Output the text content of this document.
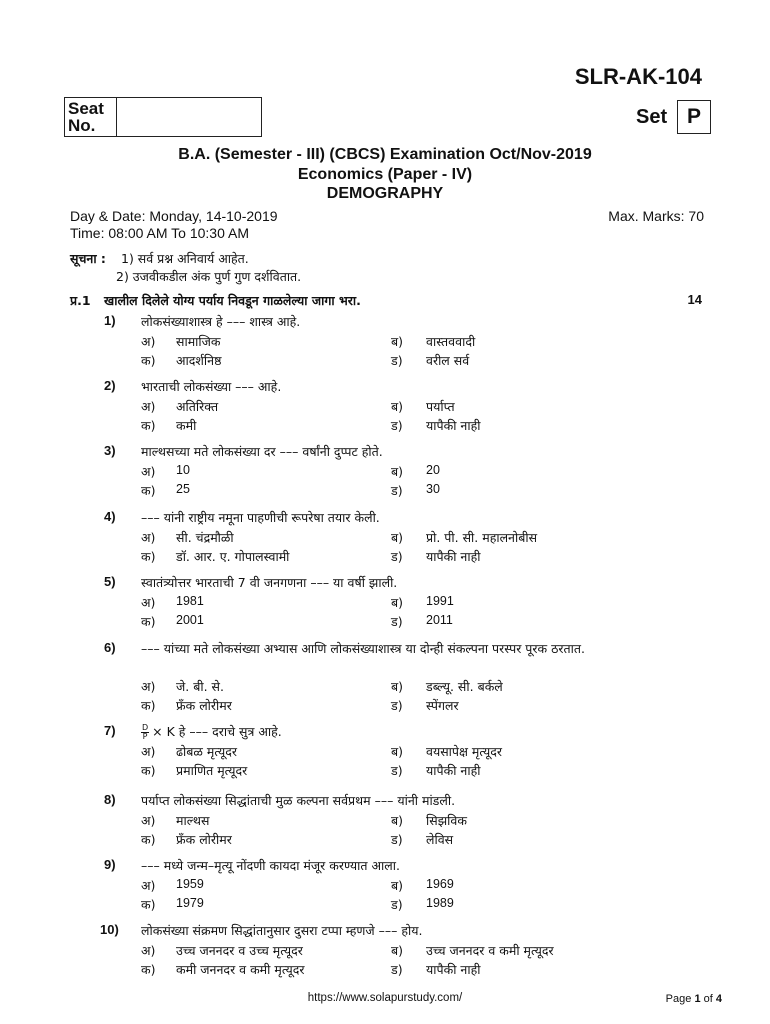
SLR-AK-104
Seat No.	Set P
B.A. (Semester - III) (CBCS) Examination Oct/Nov-2019
Economics (Paper - IV)
DEMOGRAPHY
Day & Date: Monday, 14-10-2019
Time: 08:00 AM To 10:30 AM
Max. Marks: 70
सूचना : 1) सर्व प्रश्न अनिवार्य आहेत.
2) उजवीकडील अंक पुर्ण गुण दर्शवितात.
प्र.1 खालील दिलेले योग्य पर्याय निवडून गाळलेल्या जागा भरा.	14
1) लोकसंख्याशास्त्र हे ––– शास्त्र आहे.
अ) सामाजिक	ब) वास्तववादी
क) आदर्शनिष्ठ	ड) वरील सर्व
2) भारताची लोकसंख्या ––– आहे.
अ) अतिरिक्त	ब) पर्याप्त
क) कमी	ड) यापैकी नाही
3) माल्थसच्या मते लोकसंख्या दर ––– वर्षांनी दुप्पट होते.
अ) 10	ब) 20
क) 25	ड) 30
4) ––– यांनी राष्ट्रीय नमूना पाहणीची रूपरेषा तयार केली.
अ) सी. चंद्रमौळी	ब) प्रो. पी. सी. महालनोबीस
क) डॉ. आर. ए. गोपालस्वामी	ड) यापैकी नाही
5) स्वातंत्र्योत्तर भारताची 7 वी जनगणना ––– या वर्षी झाली.
अ) 1981	ब) 1991
क) 2001	ड) 2011
6) ––– यांच्या मते लोकसंख्या अभ्यास आणि लोकसंख्याशास्त्र या दोन्ही संकल्पना परस्पर पूरक ठरतात.
अ) जे. बी. से.	ब) डब्ल्यू. सी. बर्कले
क) फ्रँक लोरीमर	ड) स्पेंगलर
7)	$\frac{D}{P} \times K$ हे ––– दराचे सुत्र आहे.
अ) ढोबळ मृत्यूदर	ब) वयसापेक्ष मृत्यूदर
क) प्रमाणित मृत्यूदर	ड) यापैकी नाही
8) पर्याप्त लोकसंख्या सिद्धांताची मुळ कल्पना सर्वप्रथम ––– यांनी मांडली.
अ) माल्थस	ब) सिझविक
क) फ्रँक लोरीमर	ड) लेविस
9) ––– मध्ये जन्म–मृत्यू नोंदणी कायदा मंजूर करण्यात आला.
अ) 1959	ब) 1969
क) 1979	ड) 1989
10) लोकसंख्या संक्रमण सिद्धांतानुसार दुसरा टप्पा म्हणजे ––– होय.
अ) उच्च जननदर व उच्च मृत्यूदर	ब) उच्च जननदर व कमी मृत्यूदर
क) कमी जननदर व कमी मृत्यूदर	ड) यापैकी नाही
https://www.solapurstudy.com/	Page 1 of 4
